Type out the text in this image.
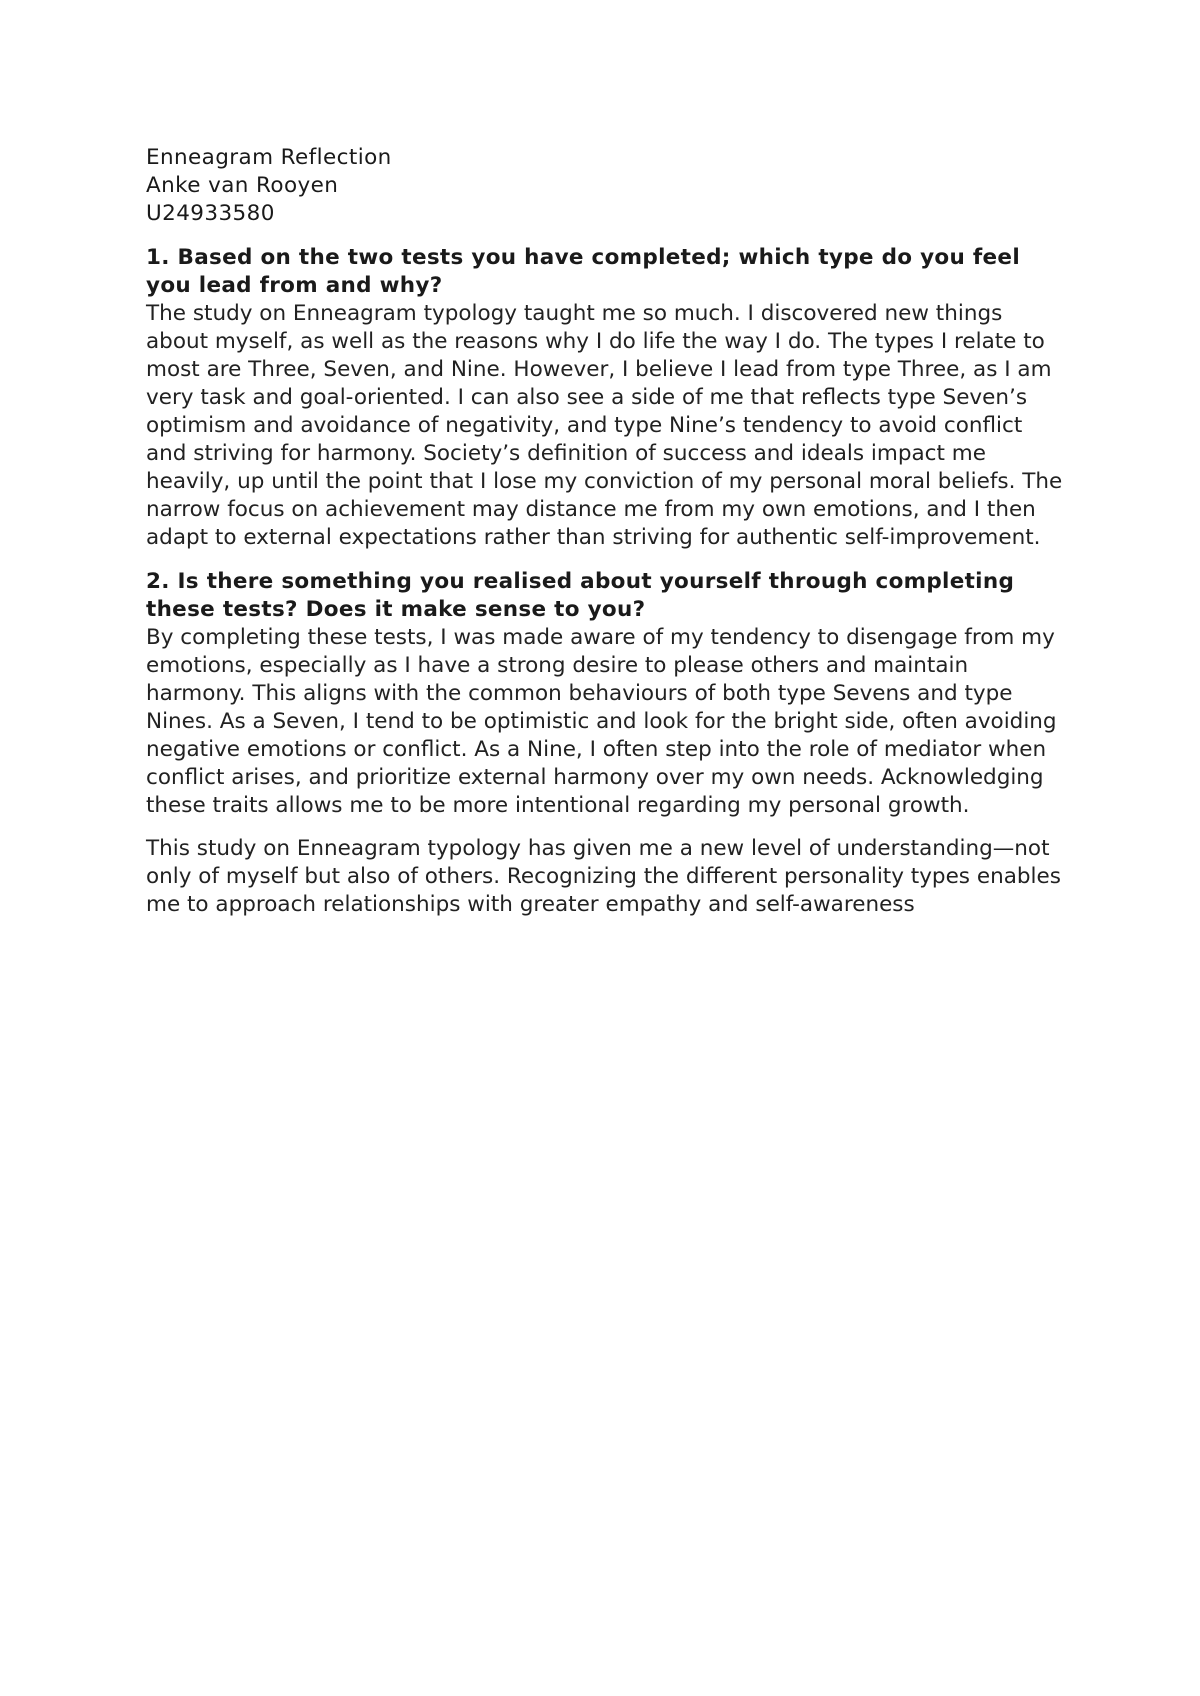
Enneagram Reflection

Anke van Rooyen

U24933580

1. Based on the two tests you have completed; which type do you feel you lead from and why?

The study on Enneagram typology taught me so much. I discovered new things about myself, as well as the reasons why I do life the way I do. The types I relate to most are Three, Seven, and Nine. However, I believe I lead from type Three, as I am very task and goal-oriented. I can also see a side of me that reflects type Seven’s optimism and avoidance of negativity, and type Nine’s tendency to avoid conflict and striving for harmony. Society’s definition of success and ideals impact me heavily, up until the point that I lose my conviction of my personal moral beliefs. The narrow focus on achievement may distance me from my own emotions, and I then adapt to external expectations rather than striving for authentic self-improvement.

2. Is there something you realised about yourself through completing these tests? Does it make sense to you?

By completing these tests, I was made aware of my tendency to disengage from my emotions, especially as I have a strong desire to please others and maintain harmony. This aligns with the common behaviours of both type Sevens and type Nines. As a Seven, I tend to be optimistic and look for the bright side, often avoiding negative emotions or conflict. As a Nine, I often step into the role of mediator when conflict arises, and prioritize external harmony over my own needs. Acknowledging these traits allows me to be more intentional regarding my personal growth.

This study on Enneagram typology has given me a new level of understanding—not only of myself but also of others. Recognizing the different personality types enables me to approach relationships with greater empathy and self-awareness
